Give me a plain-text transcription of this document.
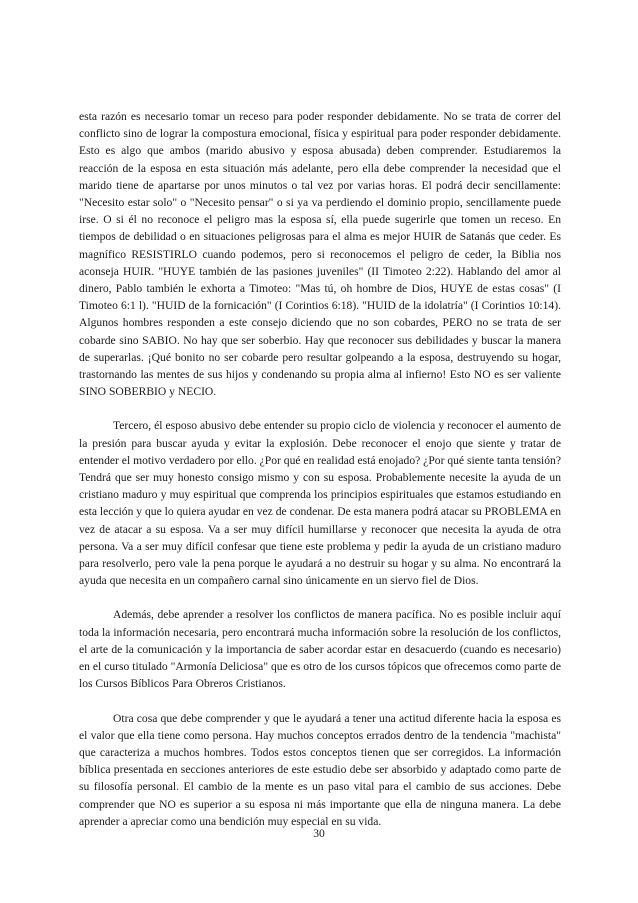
esta razón es necesario tomar un receso para poder responder debidamente. No se trata de correr del conflicto sino de lograr la compostura emocional, física y espiritual para poder responder debidamente. Esto es algo que ambos (marido abusivo y esposa abusada) deben comprender. Estudiaremos la reacción de la esposa en esta situación más adelante, pero ella debe comprender la necesidad que el marido tiene de apartarse por unos minutos o tal vez por varias horas. El podrá decir sencillamente: "Necesito estar solo" o "Necesito pensar" o si ya va perdiendo el dominio propio, sencillamente puede irse. O si él no reconoce el peligro mas la esposa sí, ella puede sugerirle que tomen un receso. En tiempos de debilidad o en situaciones peligrosas para el alma es mejor HUIR de Satanás que ceder. Es magnífico RESISTIRLO cuando podemos, pero si reconocemos el peligro de ceder, la Biblia nos aconseja HUIR. "HUYE también de las pasiones juveniles" (II Timoteo 2:22). Hablando del amor al dinero, Pablo también le exhorta a Timoteo: "Mas tú, oh hombre de Dios, HUYE de estas cosas" (I Timoteo 6:1 l). "HUID de la fornicación" (I Corintios 6:18). "HUID de la idolatría" (I Corintios 10:14). Algunos hombres responden a este consejo diciendo que no son cobardes, PERO no se trata de ser cobarde sino SABIO. No hay que ser soberbio. Hay que reconocer sus debilidades y buscar la manera de superarlas. ¡Qué bonito no ser cobarde pero resultar golpeando a la esposa, destruyendo su hogar, trastornando las mentes de sus hijos y condenando su propia alma al infierno! Esto NO es ser valiente SINO SOBERBIO y NECIO.

Tercero, él esposo abusivo debe entender su propio ciclo de violencia y reconocer el aumento de la presión para buscar ayuda y evitar la explosión. Debe reconocer el enojo que siente y tratar de entender el motivo verdadero por ello. ¿Por qué en realidad está enojado? ¿Por qué siente tanta tensión? Tendrá que ser muy honesto consigo mismo y con su esposa. Probablemente necesite la ayuda de un cristiano maduro y muy espiritual que comprenda los principios espirituales que estamos estudiando en esta lección y que lo quiera ayudar en vez de condenar. De esta manera podrá atacar su PROBLEMA en vez de atacar a su esposa. Va a ser muy difícil humillarse y reconocer que necesita la ayuda de otra persona. Va a ser muy difícil confesar que tiene este problema y pedir la ayuda de un cristiano maduro para resolverlo, pero vale la pena porque le ayudará a no destruir su hogar y su alma. No encontrará la ayuda que necesita en un compañero carnal sino únicamente en un siervo fiel de Dios.

Además, debe aprender a resolver los conflictos de manera pacífica. No es posible incluir aquí toda la información necesaria, pero encontrará mucha información sobre la resolución de los conflictos, el arte de la comunicación y la importancia de saber acordar estar en desacuerdo (cuando es necesario) en el curso titulado "Armonía Deliciosa" que es otro de los cursos tópicos que ofrecemos como parte de los Cursos Bíblicos Para Obreros Cristianos.

Otra cosa que debe comprender y que le ayudará a tener una actitud diferente hacia la esposa es el valor que ella tiene como persona. Hay muchos conceptos errados dentro de la tendencia "machista" que caracteriza a muchos hombres. Todos estos conceptos tienen que ser corregidos. La información bíblica presentada en secciones anteriores de este estudio debe ser absorbido y adaptado como parte de su filosofía personal. El cambio de la mente es un paso vital para el cambio de sus acciones. Debe comprender que NO es superior a su esposa ni más importante que ella de ninguna manera. La debe aprender a apreciar como una bendición muy especial en su vida.

30
